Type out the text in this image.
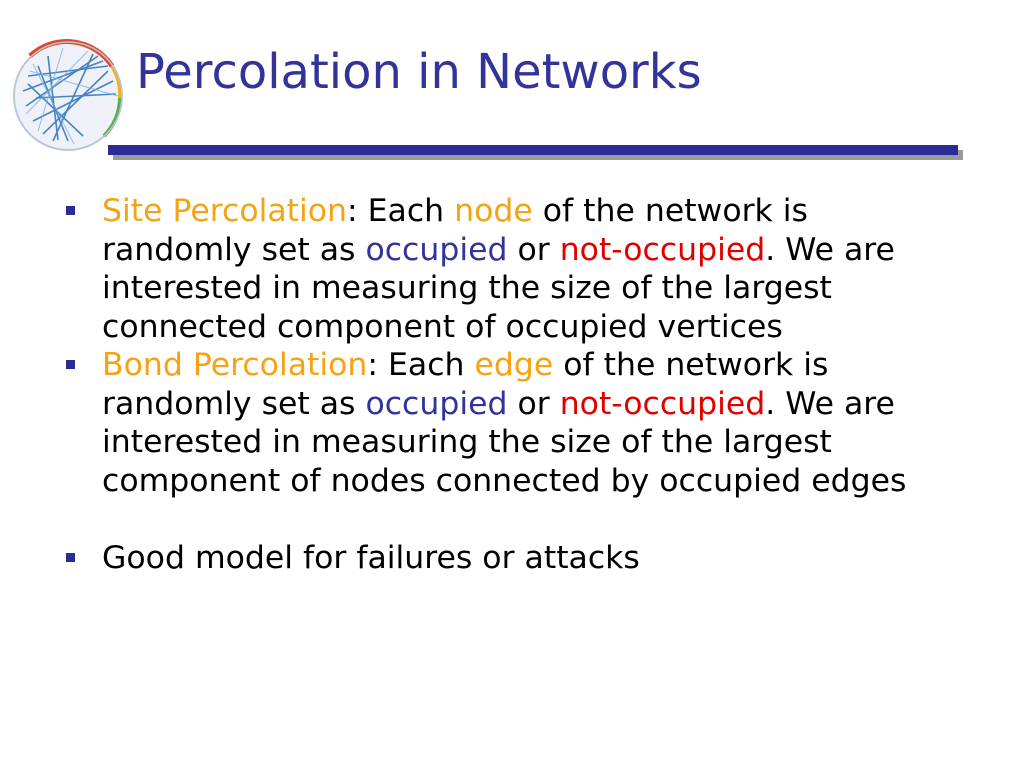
Percolation in Networks
Site Percolation: Each node of the network is randomly set as occupied or not-occupied. We are interested in measuring the size of the largest connected component of occupied vertices
Bond Percolation: Each edge of the network is randomly set as occupied or not-occupied. We are interested in measuring the size of the largest component of nodes connected by occupied edges
Good model for failures or attacks
